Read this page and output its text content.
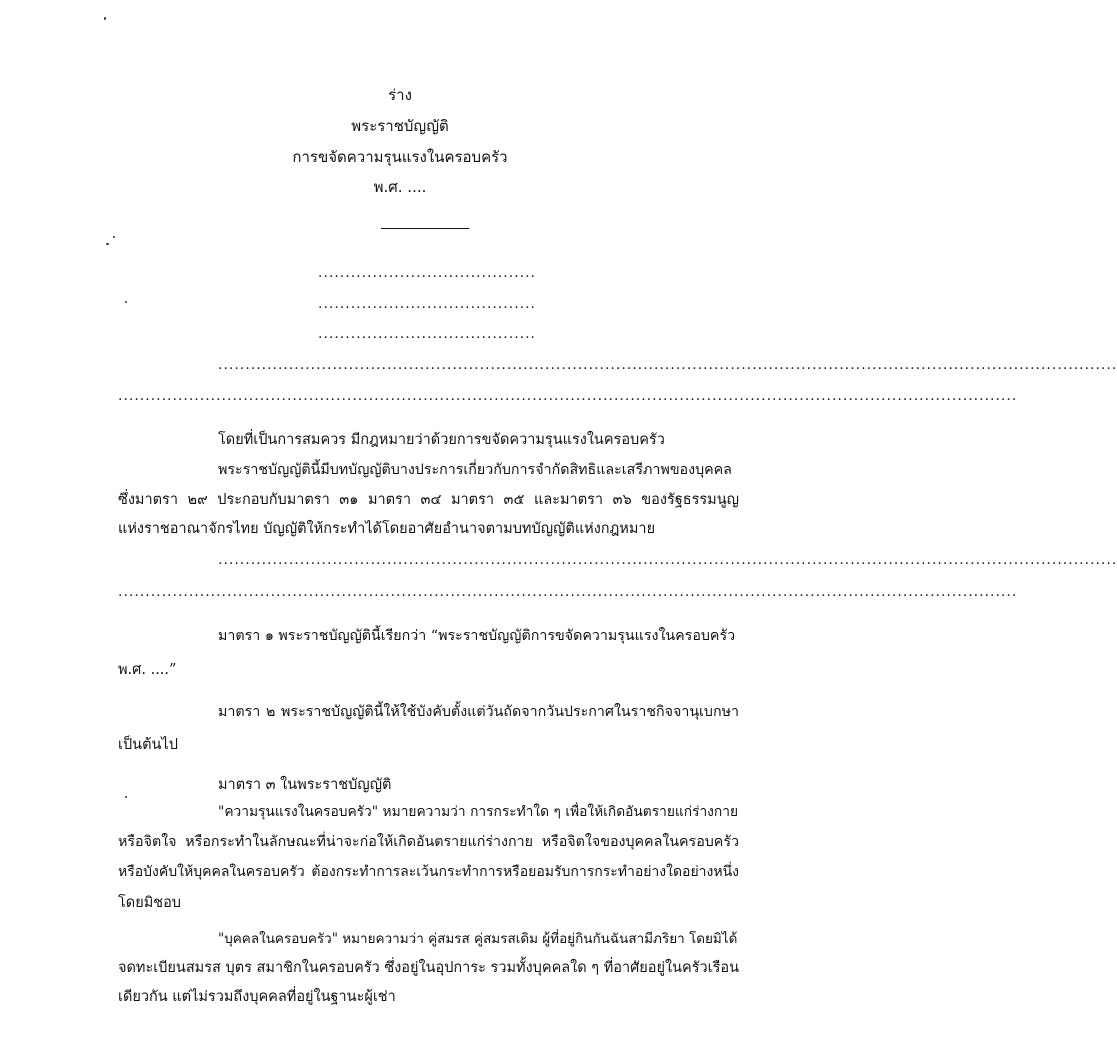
ร่าง
พระราชบัญญัติ
การขจัดความรุนแรงในครอบครัว
พ.ศ. ....
........................................
........................................
........................................
.....................................................................................................................................................................
.....................................................................................................................................................................
โดยที่เป็นการสมควร มีกฎหมายว่าด้วยการขจัดความรุนแรงในครอบครัว
พระราชบัญญัตินี้มีบทบัญญัติบางประการเกี่ยวกับการจำกัดสิทธิและเสรีภาพของบุคคล
ซึ่งมาตรา ๒๙ ประกอบกับมาตรา ๓๑ มาตรา ๓๔ มาตรา ๓๕ และมาตรา ๓๖ ของรัฐธรรมนูญ
แห่งราชอาณาจักรไทย บัญญัติให้กระทำได้โดยอาศัยอำนาจตามบทบัญญัติแห่งกฎหมาย
.....................................................................................................................................................................
.....................................................................................................................................................................
มาตรา ๑ พระราชบัญญัตินี้เรียกว่า “พระราชบัญญัติการขจัดความรุนแรงในครอบครัว
พ.ศ. ....”
มาตรา ๒ พระราชบัญญัตินี้ให้ใช้บังคับตั้งแต่วันถัดจากวันประกาศในราชกิจจานุเบกษา
เป็นต้นไป
มาตรา ๓ ในพระราชบัญญัติ
"ความรุนแรงในครอบครัว" หมายความว่า การกระทำใด ๆ เพื่อให้เกิดอันตรายแก่ร่างกาย
หรือจิตใจ หรือกระทำในลักษณะที่น่าจะก่อให้เกิดอันตรายแก่ร่างกาย หรือจิตใจของบุคคลในครอบครัว
หรือบังคับให้บุคคลในครอบครัว ต้องกระทำการละเว้นกระทำการหรือยอมรับการกระทำอย่างใดอย่างหนึ่ง
โดยมิชอบ
"บุคคลในครอบครัว" หมายความว่า คู่สมรส คู่สมรสเดิม ผู้ที่อยู่กินกันฉันสามีภริยา โดยมิได้
จดทะเบียนสมรส บุตร สมาชิกในครอบครัว ซึ่งอยู่ในอุปการะ รวมทั้งบุคคลใด ๆ ที่อาศัยอยู่ในครัวเรือน
เดียวกัน แต่ไม่รวมถึงบุคคลที่อยู่ในฐานะผู้เช่า
